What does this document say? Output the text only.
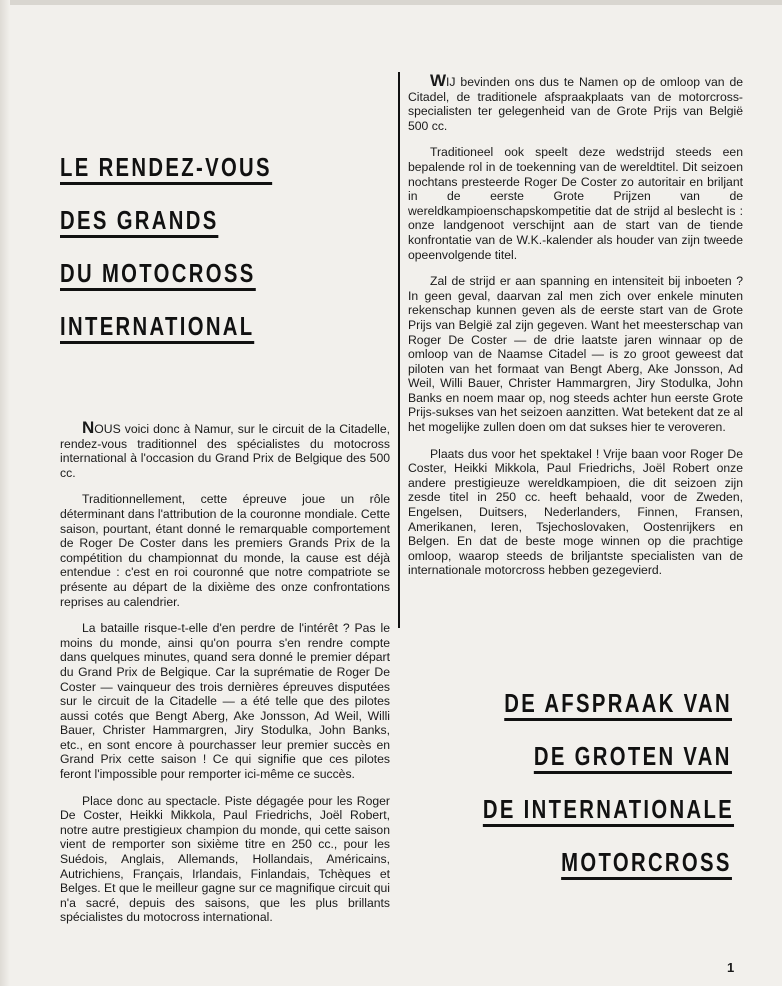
LE RENDEZ-VOUS
DES GRANDS
DU MOTOCROSS
INTERNATIONAL

NOUS voici donc à Namur, sur le circuit de la Citadelle, rendez-vous traditionnel des spécialistes du motocross international à l'occasion du Grand Prix de Belgique des 500 cc.

Traditionnellement, cette épreuve joue un rôle déterminant dans l'attribution de la couronne mondiale. Cette saison, pourtant, étant donné le remarquable comportement de Roger De Coster dans les premiers Grands Prix de la compétition du championnat du monde, la cause est déjà entendue : c'est en roi couronné que notre compatriote se présente au départ de la dixième des onze confrontations reprises au calendrier.

La bataille risque-t-elle d'en perdre de l'intérêt ? Pas le moins du monde, ainsi qu'on pourra s'en rendre compte dans quelques minutes, quand sera donné le premier départ du Grand Prix de Belgique. Car la suprématie de Roger De Coster — vainqueur des trois dernières épreuves disputées sur le circuit de la Citadelle — a été telle que des pilotes aussi cotés que Bengt Aberg, Ake Jonsson, Ad Weil, Willi Bauer, Christer Hammargren, Jiry Stodulka, John Banks, etc., en sont encore à pourchasser leur premier succès en Grand Prix cette saison ! Ce qui signifie que ces pilotes feront l'impossible pour remporter ici-même ce succès.

Place donc au spectacle. Piste dégagée pour les Roger De Coster, Heikki Mikkola, Paul Friedrichs, Joël Robert, notre autre prestigieux champion du monde, qui cette saison vient de remporter son sixième titre en 250 cc., pour les Suédois, Anglais, Allemands, Hollandais, Américains, Autrichiens, Français, Irlandais, Finlandais, Tchèques et Belges. Et que le meilleur gagne sur ce magnifique circuit qui n'a sacré, depuis des saisons, que les plus brillants spécialistes du motocross international.

WIJ bevinden ons dus te Namen op de omloop van de Citadel, de traditionele afspraakplaats van de motorcross-specialisten ter gelegenheid van de Grote Prijs van België 500 cc.

Traditioneel ook speelt deze wedstrijd steeds een bepalende rol in de toekenning van de wereldtitel. Dit seizoen nochtans presteerde Roger De Coster zo autoritair en briljant in de eerste Grote Prijzen van de wereldkampioenschapskompetitie dat de strijd al beslecht is : onze landgenoot verschijnt aan de start van de tiende konfrontatie van de W.K.-kalender als houder van zijn tweede opeenvolgende titel.

Zal de strijd er aan spanning en intensiteit bij inboeten ? In geen geval, daarvan zal men zich over enkele minuten rekenschap kunnen geven als de eerste start van de Grote Prijs van België zal zijn gegeven. Want het meesterschap van Roger De Coster — de drie laatste jaren winnaar op de omloop van de Naamse Citadel — is zo groot geweest dat piloten van het formaat van Bengt Aberg, Ake Jonsson, Ad Weil, Willi Bauer, Christer Hammargren, Jiry Stodulka, John Banks en noem maar op, nog steeds achter hun eerste Grote Prijs-sukses van het seizoen aanzitten. Wat betekent dat ze al het mogelijke zullen doen om dat sukses hier te veroveren.

Plaats dus voor het spektakel ! Vrije baan voor Roger De Coster, Heikki Mikkola, Paul Friedrichs, Joël Robert onze andere prestigieuze wereldkampioen, die dit seizoen zijn zesde titel in 250 cc. heeft behaald, voor de Zweden, Engelsen, Duitsers, Nederlanders, Finnen, Fransen, Amerikanen, Ieren, Tsjechoslovaken, Oostenrijkers en Belgen. En dat de beste moge winnen op die prachtige omloop, waarop steeds de briljantste specialisten van de internationale motorcross hebben gezegevierd.

DE AFSPRAAK VAN
DE GROTEN VAN
DE INTERNATIONALE
MOTORCROSS
1
